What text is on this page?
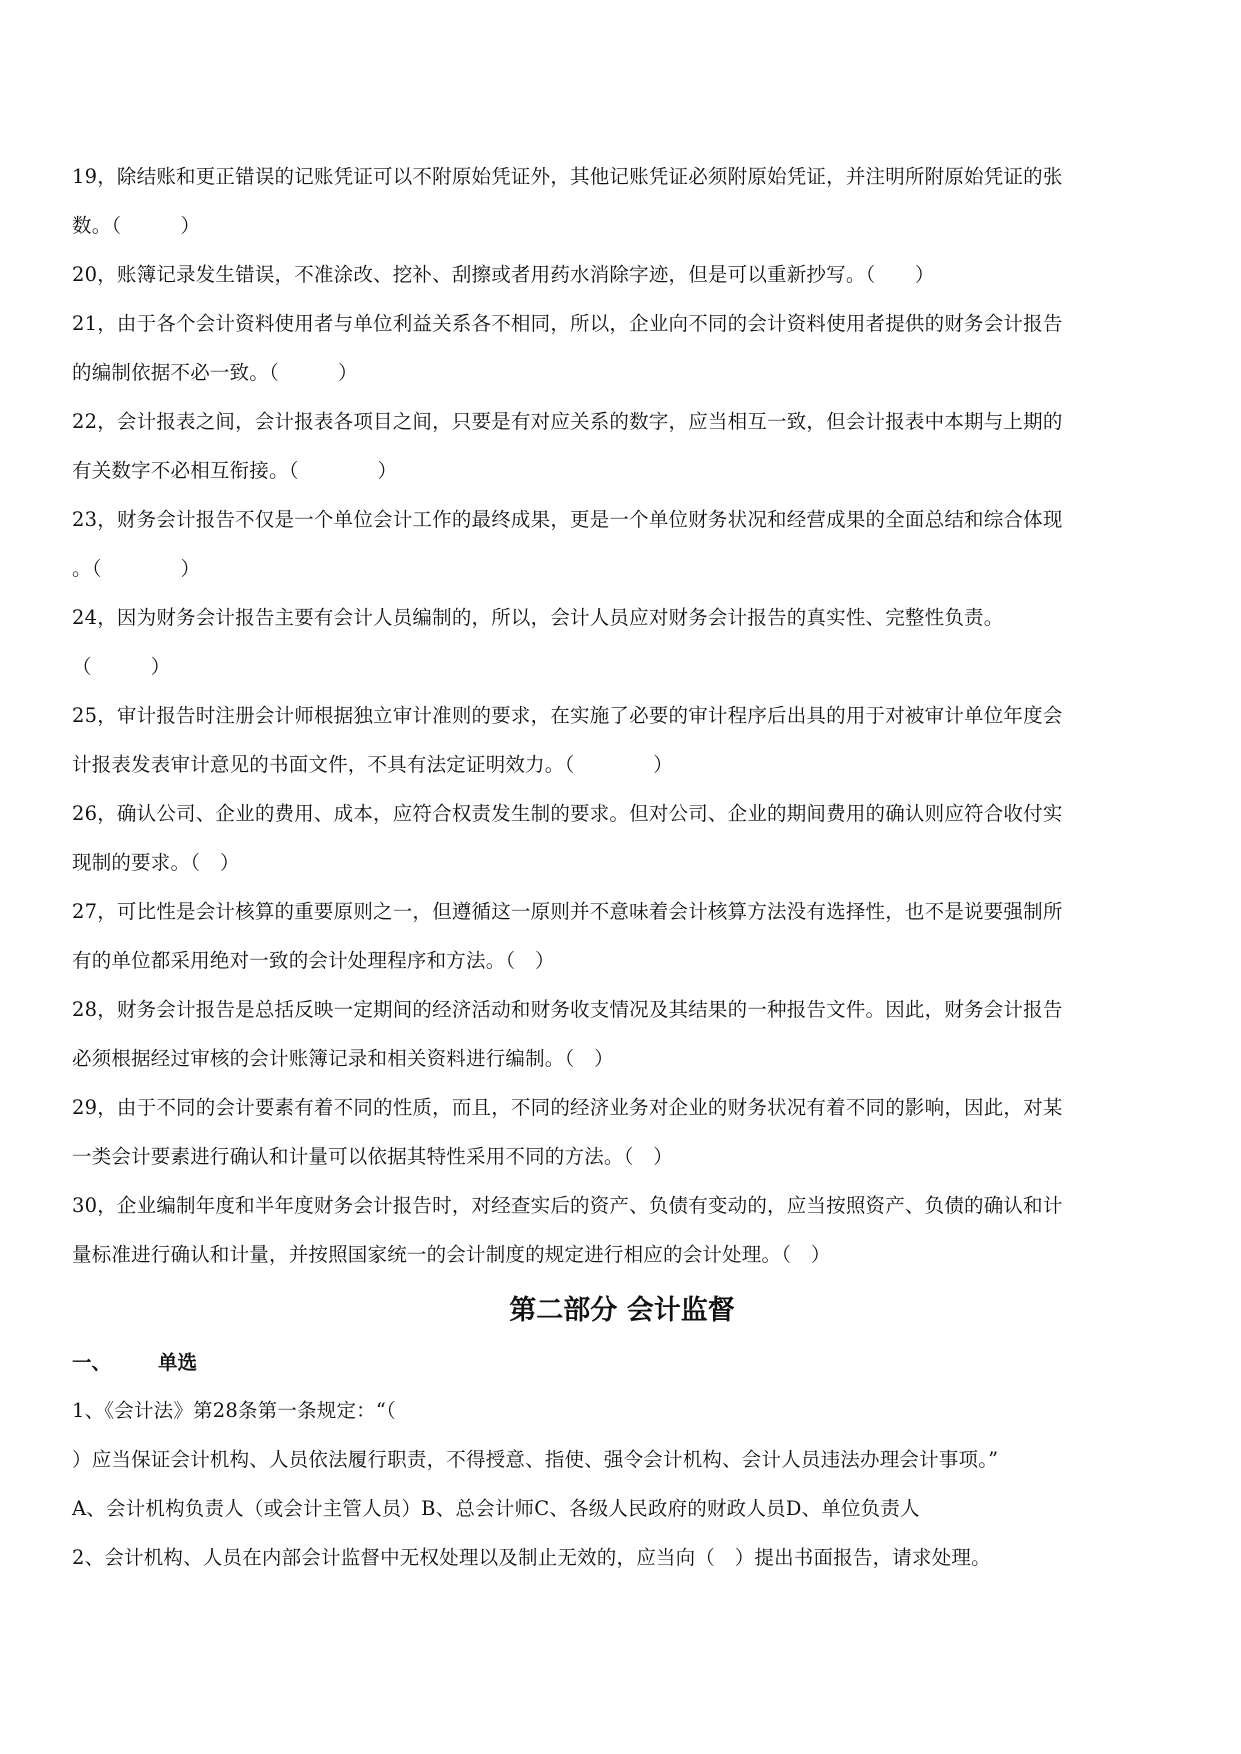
19，除结账和更正错误的记账凭证可以不附原始凭证外，其他记账凭证必须附原始凭证，并注明所附原始凭证的张
数。（　　　）
20，账簿记录发生错误，不准涂改、挖补、刮擦或者用药水消除字迹，但是可以重新抄写。（　　）
21，由于各个会计资料使用者与单位利益关系各不相同，所以，企业向不同的会计资料使用者提供的财务会计报告
的编制依据不必一致。（　　　）
22，会计报表之间，会计报表各项目之间，只要是有对应关系的数字，应当相互一致，但会计报表中本期与上期的
有关数字不必相互衔接。（　　　　）
23，财务会计报告不仅是一个单位会计工作的最终成果，更是一个单位财务状况和经营成果的全面总结和综合体现
。（　　　　）
24，因为财务会计报告主要有会计人员编制的，所以，会计人员应对财务会计报告的真实性、完整性负责。
（　　　）
25，审计报告时注册会计师根据独立审计准则的要求，在实施了必要的审计程序后出具的用于对被审计单位年度会
计报表发表审计意见的书面文件，不具有法定证明效力。（　　　　）
26，确认公司、企业的费用、成本，应符合权责发生制的要求。但对公司、企业的期间费用的确认则应符合收付实
现制的要求。（　）
27，可比性是会计核算的重要原则之一，但遵循这一原则并不意味着会计核算方法没有选择性，也不是说要强制所
有的单位都采用绝对一致的会计处理程序和方法。（　）
28，财务会计报告是总括反映一定期间的经济活动和财务收支情况及其结果的一种报告文件。因此，财务会计报告
必须根据经过审核的会计账簿记录和相关资料进行编制。（　）
29，由于不同的会计要素有着不同的性质，而且，不同的经济业务对企业的财务状况有着不同的影响，因此，对某
一类会计要素进行确认和计量可以依据其特性采用不同的方法。（　）
30，企业编制年度和半年度财务会计报告时，对经查实后的资产、负债有变动的，应当按照资产、负债的确认和计
量标准进行确认和计量，并按照国家统一的会计制度的规定进行相应的会计处理。（　）
第二部分 会计监督
一、 单选
1、《会计法》第28条第一条规定：“（
）应当保证会计机构、人员依法履行职责，不得授意、指使、强令会计机构、会计人员违法办理会计事项。”
A、会计机构负责人（或会计主管人员）B、总会计师C、各级人民政府的财政人员D、单位负责人
2、会计机构、人员在内部会计监督中无权处理以及制止无效的，应当向（　）提出书面报告，请求处理。
